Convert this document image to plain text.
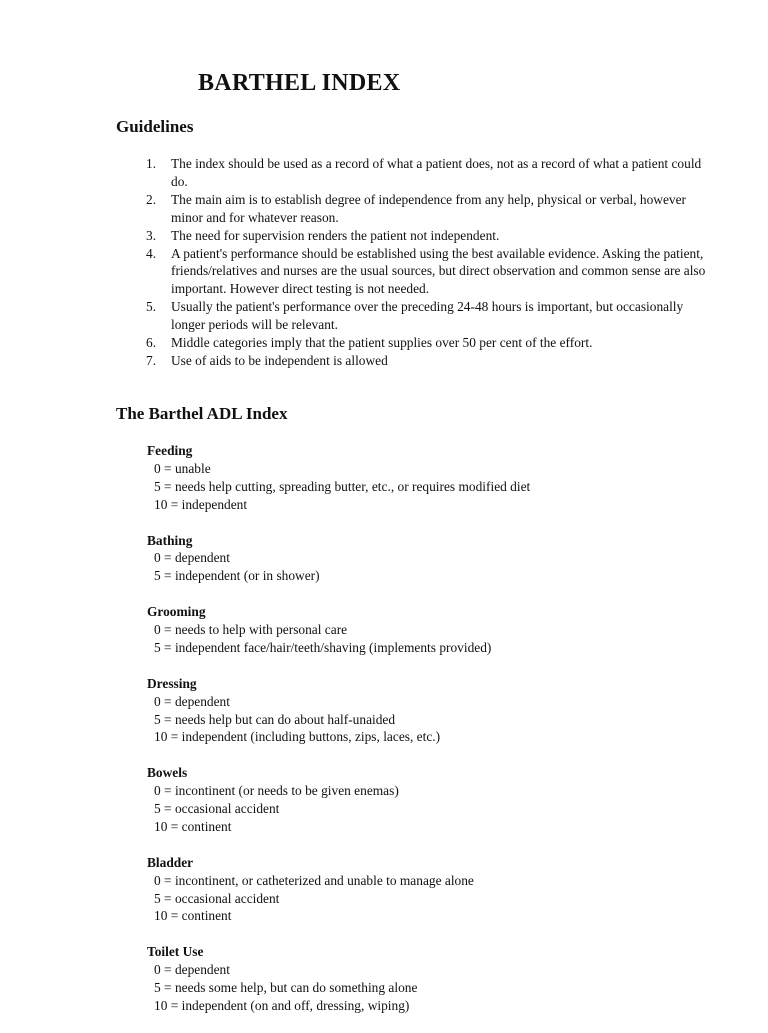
BARTHEL INDEX
Guidelines
1. The index should be used as a record of what a patient does, not as a record of what a patient could do.
2. The main aim is to establish degree of independence from any help, physical or verbal, however minor and for whatever reason.
3. The need for supervision renders the patient not independent.
4. A patient's performance should be established using the best available evidence. Asking the patient, friends/relatives and nurses are the usual sources, but direct observation and common sense are also important. However direct testing is not needed.
5. Usually the patient's performance over the preceding 24-48 hours is important, but occasionally longer periods will be relevant.
6. Middle categories imply that the patient supplies over 50 per cent of the effort.
7. Use of aids to be independent is allowed
The Barthel ADL Index
Feeding
0 = unable
5 = needs help cutting, spreading butter, etc., or requires modified diet
10 = independent
Bathing
0 = dependent
5 = independent (or in shower)
Grooming
0 = needs to help with personal care
5 = independent face/hair/teeth/shaving (implements provided)
Dressing
0 = dependent
5 = needs help but can do about half-unaided
10 = independent (including buttons, zips, laces, etc.)
Bowels
0 = incontinent (or needs to be given enemas)
5 = occasional accident
10 = continent
Bladder
0 = incontinent, or catheterized and unable to manage alone
5 = occasional accident
10 = continent
Toilet Use
0 = dependent
5 = needs some help, but can do something alone
10 = independent (on and off, dressing, wiping)
